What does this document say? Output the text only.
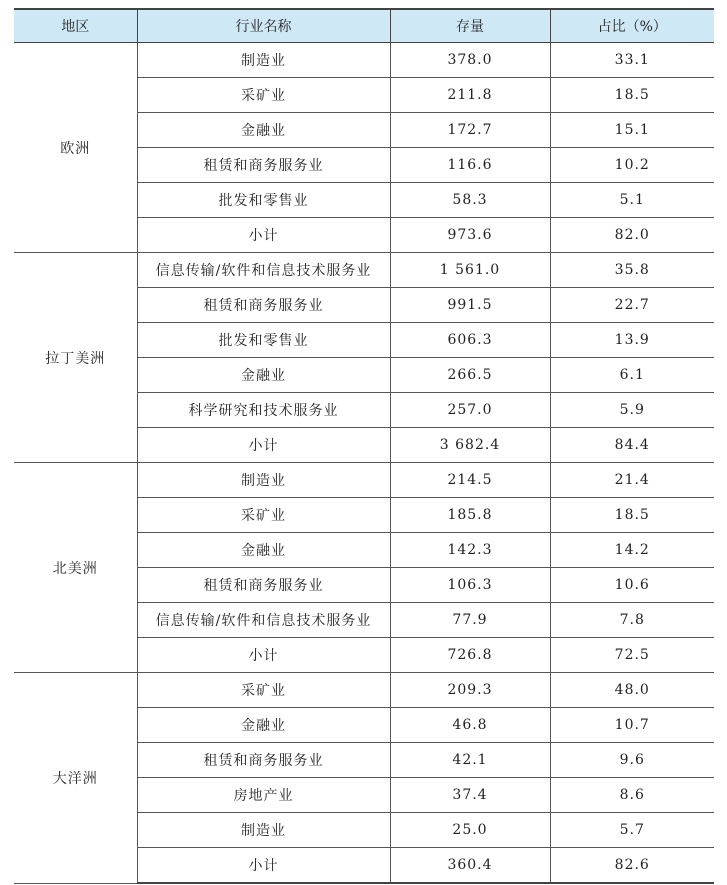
地区	行业名称	存量	占比（%）
欧洲	制造业	378.0	33.1
	采矿业	211.8	18.5
	金融业	172.7	15.1
	租赁和商务服务业	116.6	10.2
	批发和零售业	58.3	5.1
	小计	973.6	82.0
拉丁美洲	信息传输/软件和信息技术服务业	1 561.0	35.8
	租赁和商务服务业	991.5	22.7
	批发和零售业	606.3	13.9
	金融业	266.5	6.1
	科学研究和技术服务业	257.0	5.9
	小计	3 682.4	84.4
北美洲	制造业	214.5	21.4
	采矿业	185.8	18.5
	金融业	142.3	14.2
	租赁和商务服务业	106.3	10.6
	信息传输/软件和信息技术服务业	77.9	7.8
	小计	726.8	72.5
大洋洲	采矿业	209.3	48.0
	金融业	46.8	10.7
	租赁和商务服务业	42.1	9.6
	房地产业	37.4	8.6
	制造业	25.0	5.7
	小计	360.4	82.6
